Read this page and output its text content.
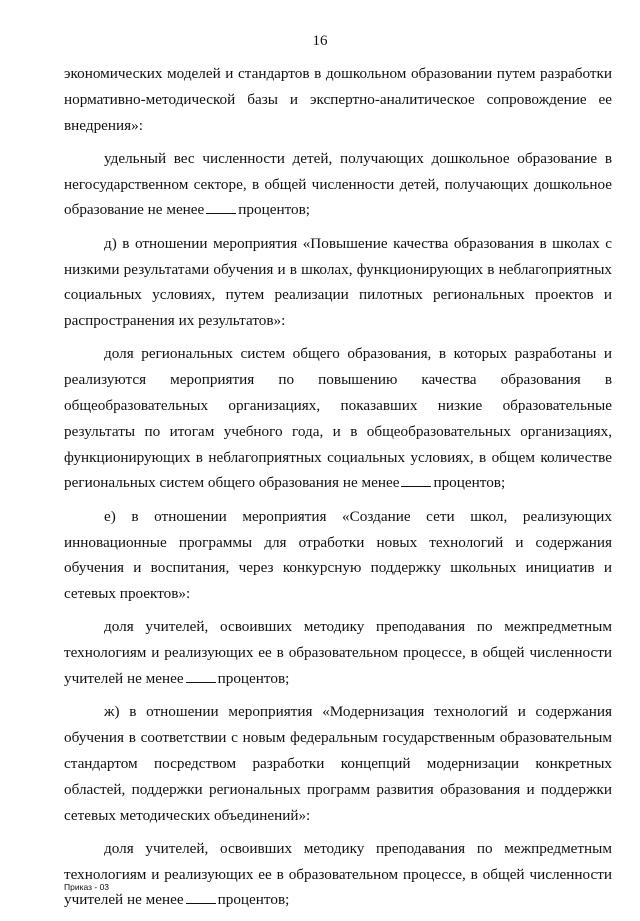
16

экономических моделей и стандартов в дошкольном образовании путем разработки нормативно-методической базы и экспертно-аналитическое сопровождение ее внедрения»:

удельный вес численности детей, получающих дошкольное образование в негосударственном секторе, в общей численности детей, получающих дошкольное образование не менее процентов;

д) в отношении мероприятия «Повышение качества образования в школах с низкими результатами обучения и в школах, функционирующих в неблагоприятных социальных условиях, путем реализации пилотных региональных проектов и распространения их результатов»:

доля региональных систем общего образования, в которых разработаны и реализуются мероприятия по повышению качества образования в общеобразовательных организациях, показавших низкие образовательные результаты по итогам учебного года, и в общеобразовательных организациях, функционирующих в неблагоприятных социальных условиях, в общем количестве региональных систем общего образования не менее процентов;

е) в отношении мероприятия «Создание сети школ, реализующих инновационные программы для отработки новых технологий и содержания обучения и воспитания, через конкурсную поддержку школьных инициатив и сетевых проектов»:

доля учителей, освоивших методику преподавания по межпредметным технологиям и реализующих ее в образовательном процессе, в общей численности учителей не менее процентов;

ж) в отношении мероприятия «Модернизация технологий и содержания обучения в соответствии с новым федеральным государственным образовательным стандартом посредством разработки концепций модернизации конкретных областей, поддержки региональных программ развития образования и поддержки сетевых методических объединений»:

доля учителей, освоивших методику преподавания по межпредметным технологиям и реализующих ее в образовательном процессе, в общей численности учителей не менее процентов;

Приказ - 03
